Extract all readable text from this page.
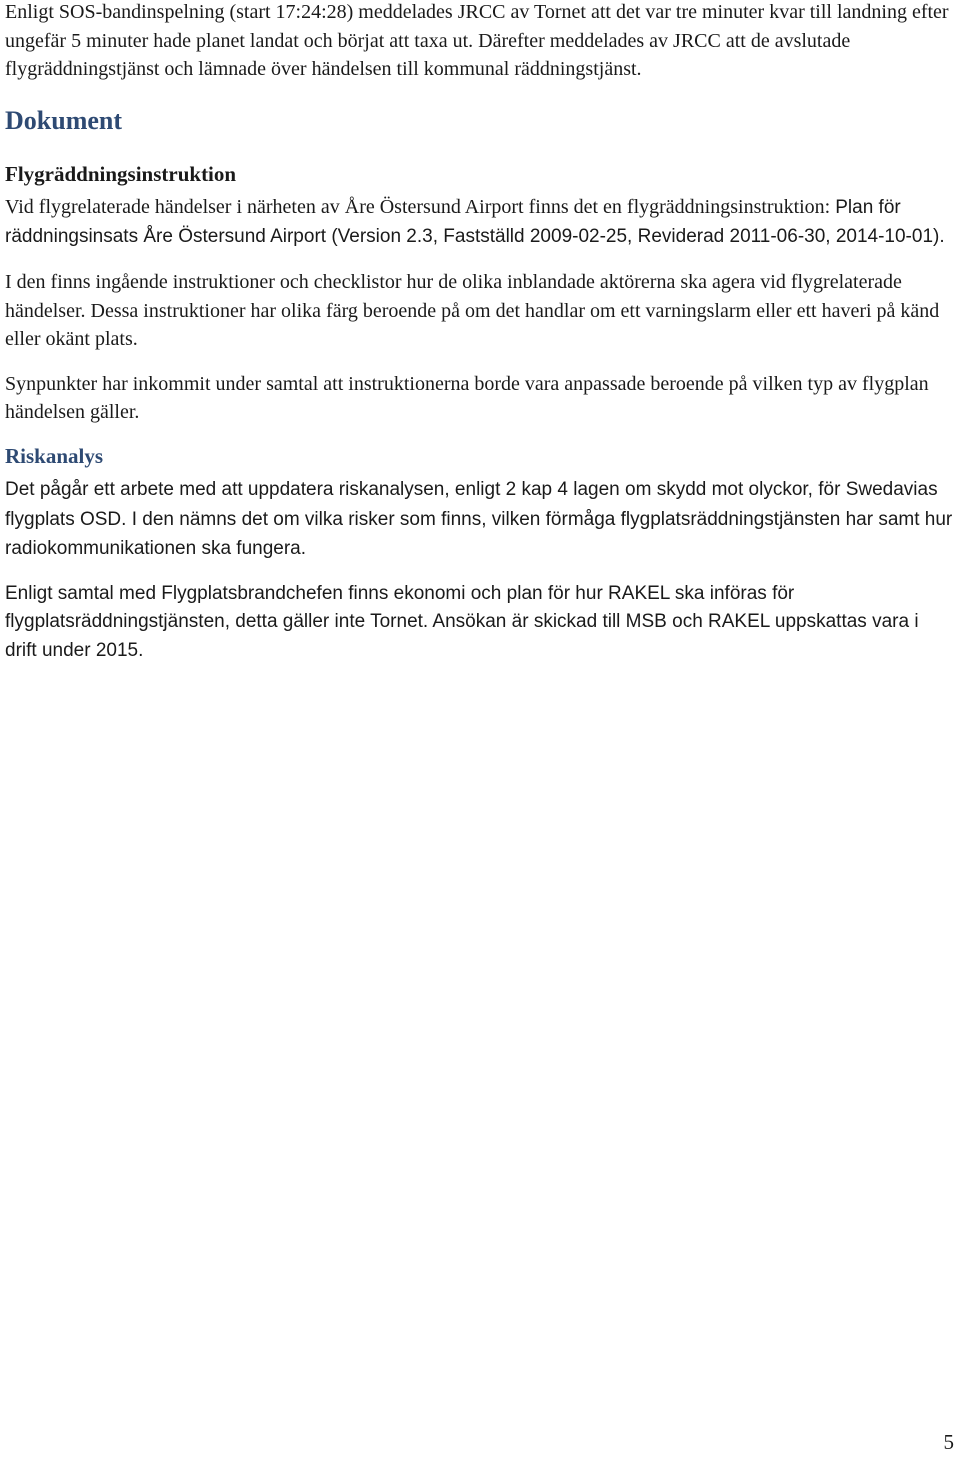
Enligt SOS-bandinspelning (start 17:24:28) meddelades JRCC av Tornet att det var tre minuter kvar till landning efter ungefär 5 minuter hade planet landat och börjat att taxa ut. Därefter meddelades av JRCC att de avslutade flygräddningstjänst och lämnade över händelsen till kommunal räddningstjänst.

Dokument
Flygräddningsinstruktion

Vid flygrelaterade händelser i närheten av Åre Östersund Airport finns det en flygräddningsinstruktion: Plan för räddningsinsats Åre Östersund Airport (Version 2.3, Fastställd 2009-02-25, Reviderad 2011-06-30, 2014-10-01).

I den finns ingående instruktioner och checklistor hur de olika inblandade aktörerna ska agera vid flygrelaterade händelser. Dessa instruktioner har olika färg beroende på om det handlar om ett varningslarm eller ett haveri på känd eller okänt plats.

Synpunkter har inkommit under samtal att instruktionerna borde vara anpassade beroende på vilken typ av flygplan händelsen gäller.

Riskanalys

Det pågår ett arbete med att uppdatera riskanalysen, enligt 2 kap 4 lagen om skydd mot olyckor, för Swedavias flygplats OSD. I den nämns det om vilka risker som finns, vilken förmåga flygplatsräddningstjänsten har samt hur radiokommunikationen ska fungera.

Enligt samtal med Flygplatsbrandchefen finns ekonomi och plan för hur RAKEL ska införas för flygplatsräddningstjänsten, detta gäller inte Tornet. Ansökan är skickad till MSB och RAKEL uppskattas vara i drift under 2015.

5
